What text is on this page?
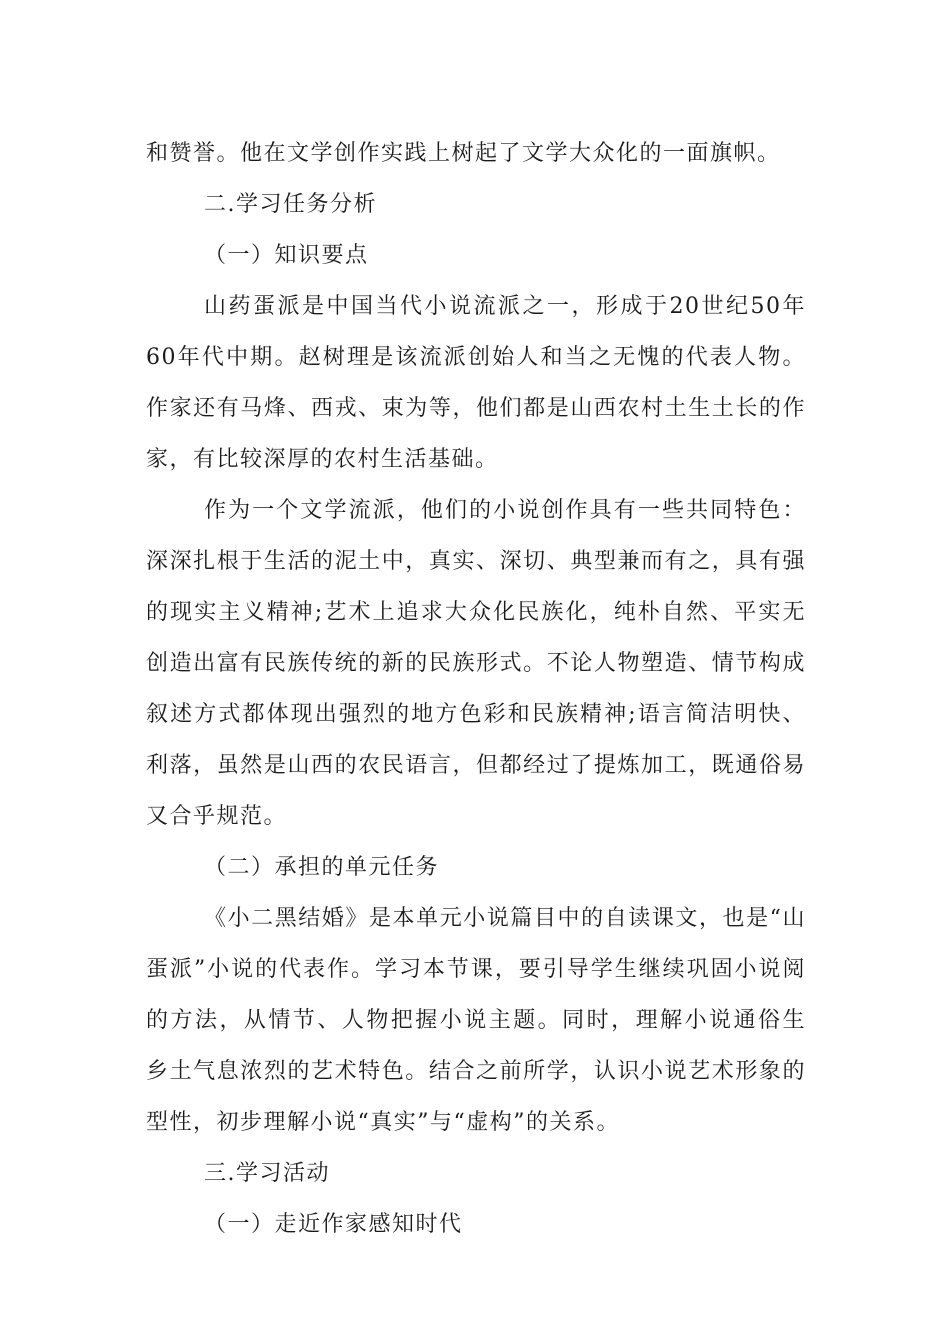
和赞誉。他在文学创作实践上树起了文学大众化的一面旗帜。
二.学习任务分析
（一）知识要点
山药蛋派是中国当代小说流派之一，形成于20世纪50年
60年代中期。赵树理是该流派创始人和当之无愧的代表人物。
作家还有马烽、西戎、束为等，他们都是山西农村土生土长的作
家，有比较深厚的农村生活基础。
作为一个文学流派，他们的小说创作具有一些共同特色：
深深扎根于生活的泥土中，真实、深切、典型兼而有之，具有强
的现实主义精神;艺术上追求大众化民族化，纯朴自然、平实无
创造出富有民族传统的新的民族形式。不论人物塑造、情节构成
叙述方式都体现出强烈的地方色彩和民族精神;语言简洁明快、
利落，虽然是山西的农民语言，但都经过了提炼加工，既通俗易
又合乎规范。
（二）承担的单元任务
《小二黑结婚》是本单元小说篇目中的自读课文，也是“山
蛋派”小说的代表作。学习本节课，要引导学生继续巩固小说阅
的方法，从情节、人物把握小说主题。同时，理解小说通俗生
乡土气息浓烈的艺术特色。结合之前所学，认识小说艺术形象的
型性，初步理解小说“真实”与“虚构”的关系。
三.学习活动
（一）走近作家感知时代
